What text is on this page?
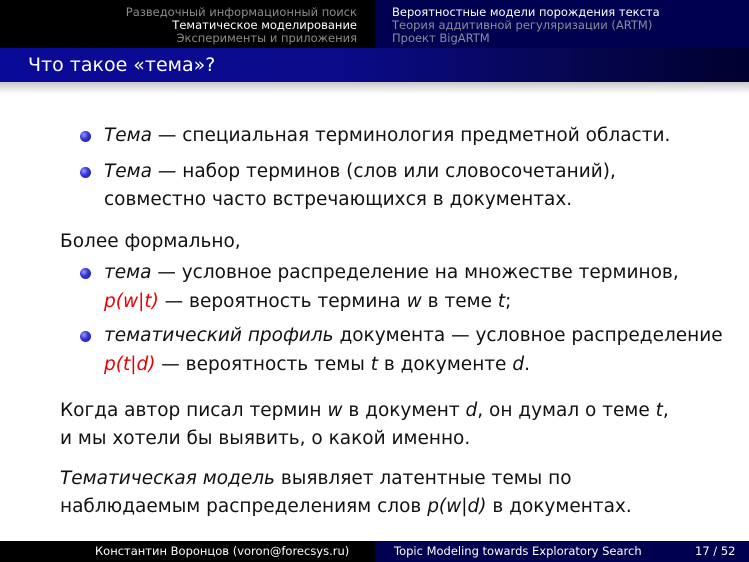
Разведочный информационный поиск
Тематическое моделирование
Эксперименты и приложения
Вероятностные модели порождения текста
Теория аддитивной регуляризации (ARTM)
Проект BigARTM
Что такое «тема»?
Тема — специальная терминология предметной области.
Тема — набор терминов (слов или словосочетаний),
совместно часто встречающихся в документах.
Более формально,
тема — условное распределение на множестве терминов,
p(w|t) — вероятность термина w в теме t;
тематический профиль документа — условное распределение
p(t|d) — вероятность темы t в документе d.
Когда автор писал термин w в документ d, он думал о теме t,
и мы хотели бы выявить, о какой именно.
Тематическая модель выявляет латентные темы по
наблюдаемым распределениям слов p(w|d) в документах.
Константин Воронцов (voron@forecsys.ru)	Topic Modeling towards Exploratory Search	17 / 52
